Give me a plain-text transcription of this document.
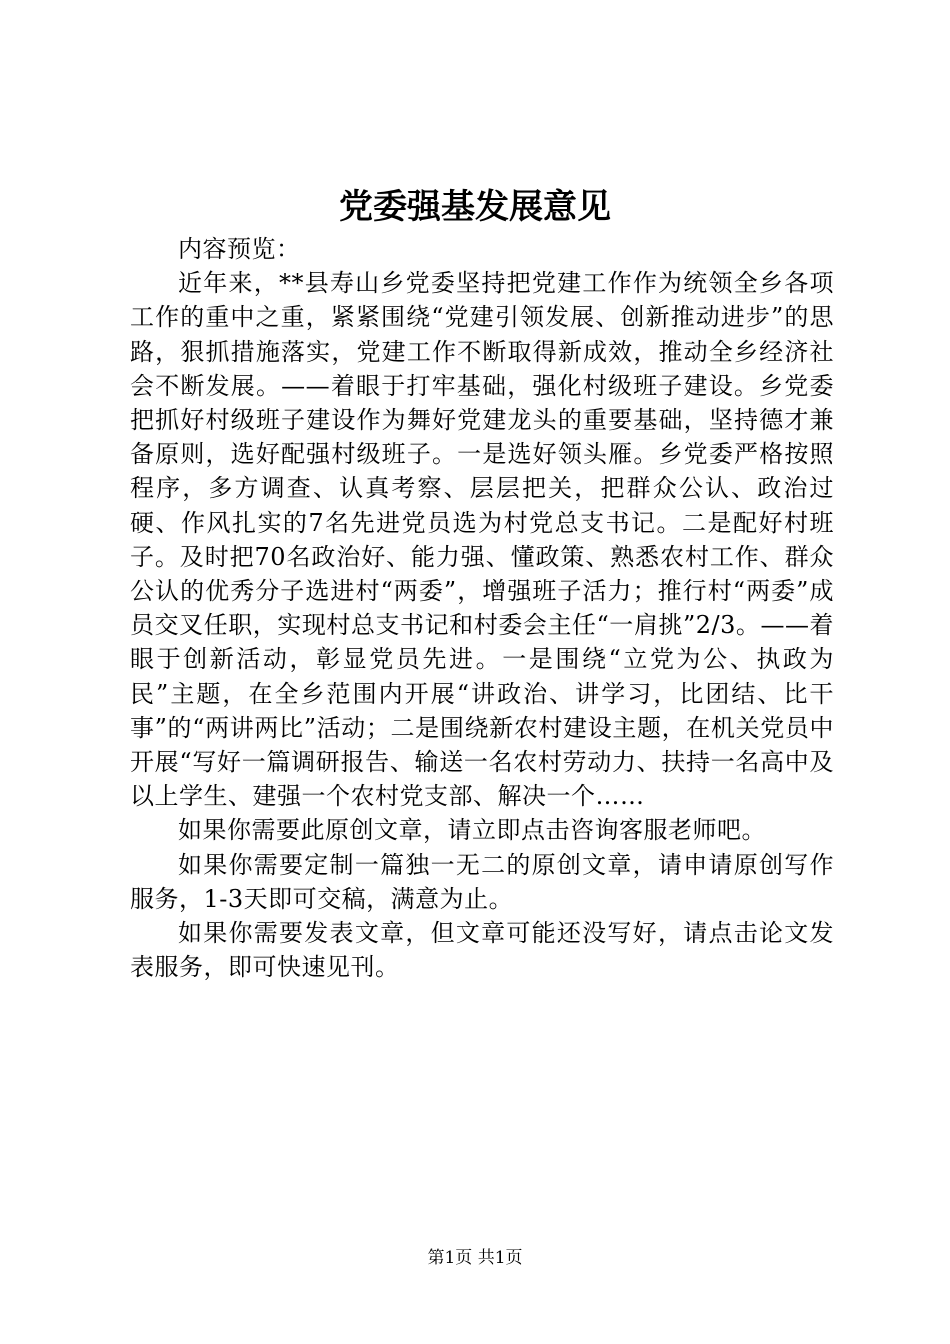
党委强基发展意见

内容预览：

近年来，**县寿山乡党委坚持把党建工作作为统领全乡各项工作的重中之重，紧紧围绕“党建引领发展、创新推动进步”的思路，狠抓措施落实，党建工作不断取得新成效，推动全乡经济社会不断发展。——着眼于打牢基础，强化村级班子建设。乡党委把抓好村级班子建设作为舞好党建龙头的重要基础，坚持德才兼备原则，选好配强村级班子。一是选好领头雁。乡党委严格按照程序，多方调查、认真考察、层层把关，把群众公认、政治过硬、作风扎实的7名先进党员选为村党总支书记。二是配好村班子。及时把70名政治好、能力强、懂政策、熟悉农村工作、群众公认的优秀分子选进村“两委”，增强班子活力；推行村“两委”成员交叉任职，实现村总支书记和村委会主任“一肩挑”2/3。——着眼于创新活动，彰显党员先进。一是围绕“立党为公、执政为民”主题，在全乡范围内开展“讲政治、讲学习，比团结、比干事”的“两讲两比”活动；二是围绕新农村建设主题，在机关党员中开展“写好一篇调研报告、输送一名农村劳动力、扶持一名高中及以上学生、建强一个农村党支部、解决一个……

如果你需要此原创文章，请立即点击咨询客服老师吧。

如果你需要定制一篇独一无二的原创文章，请申请原创写作服务，1-3天即可交稿，满意为止。

如果你需要发表文章，但文章可能还没写好，请点击论文发表服务，即可快速见刊。

第1页 共1页
